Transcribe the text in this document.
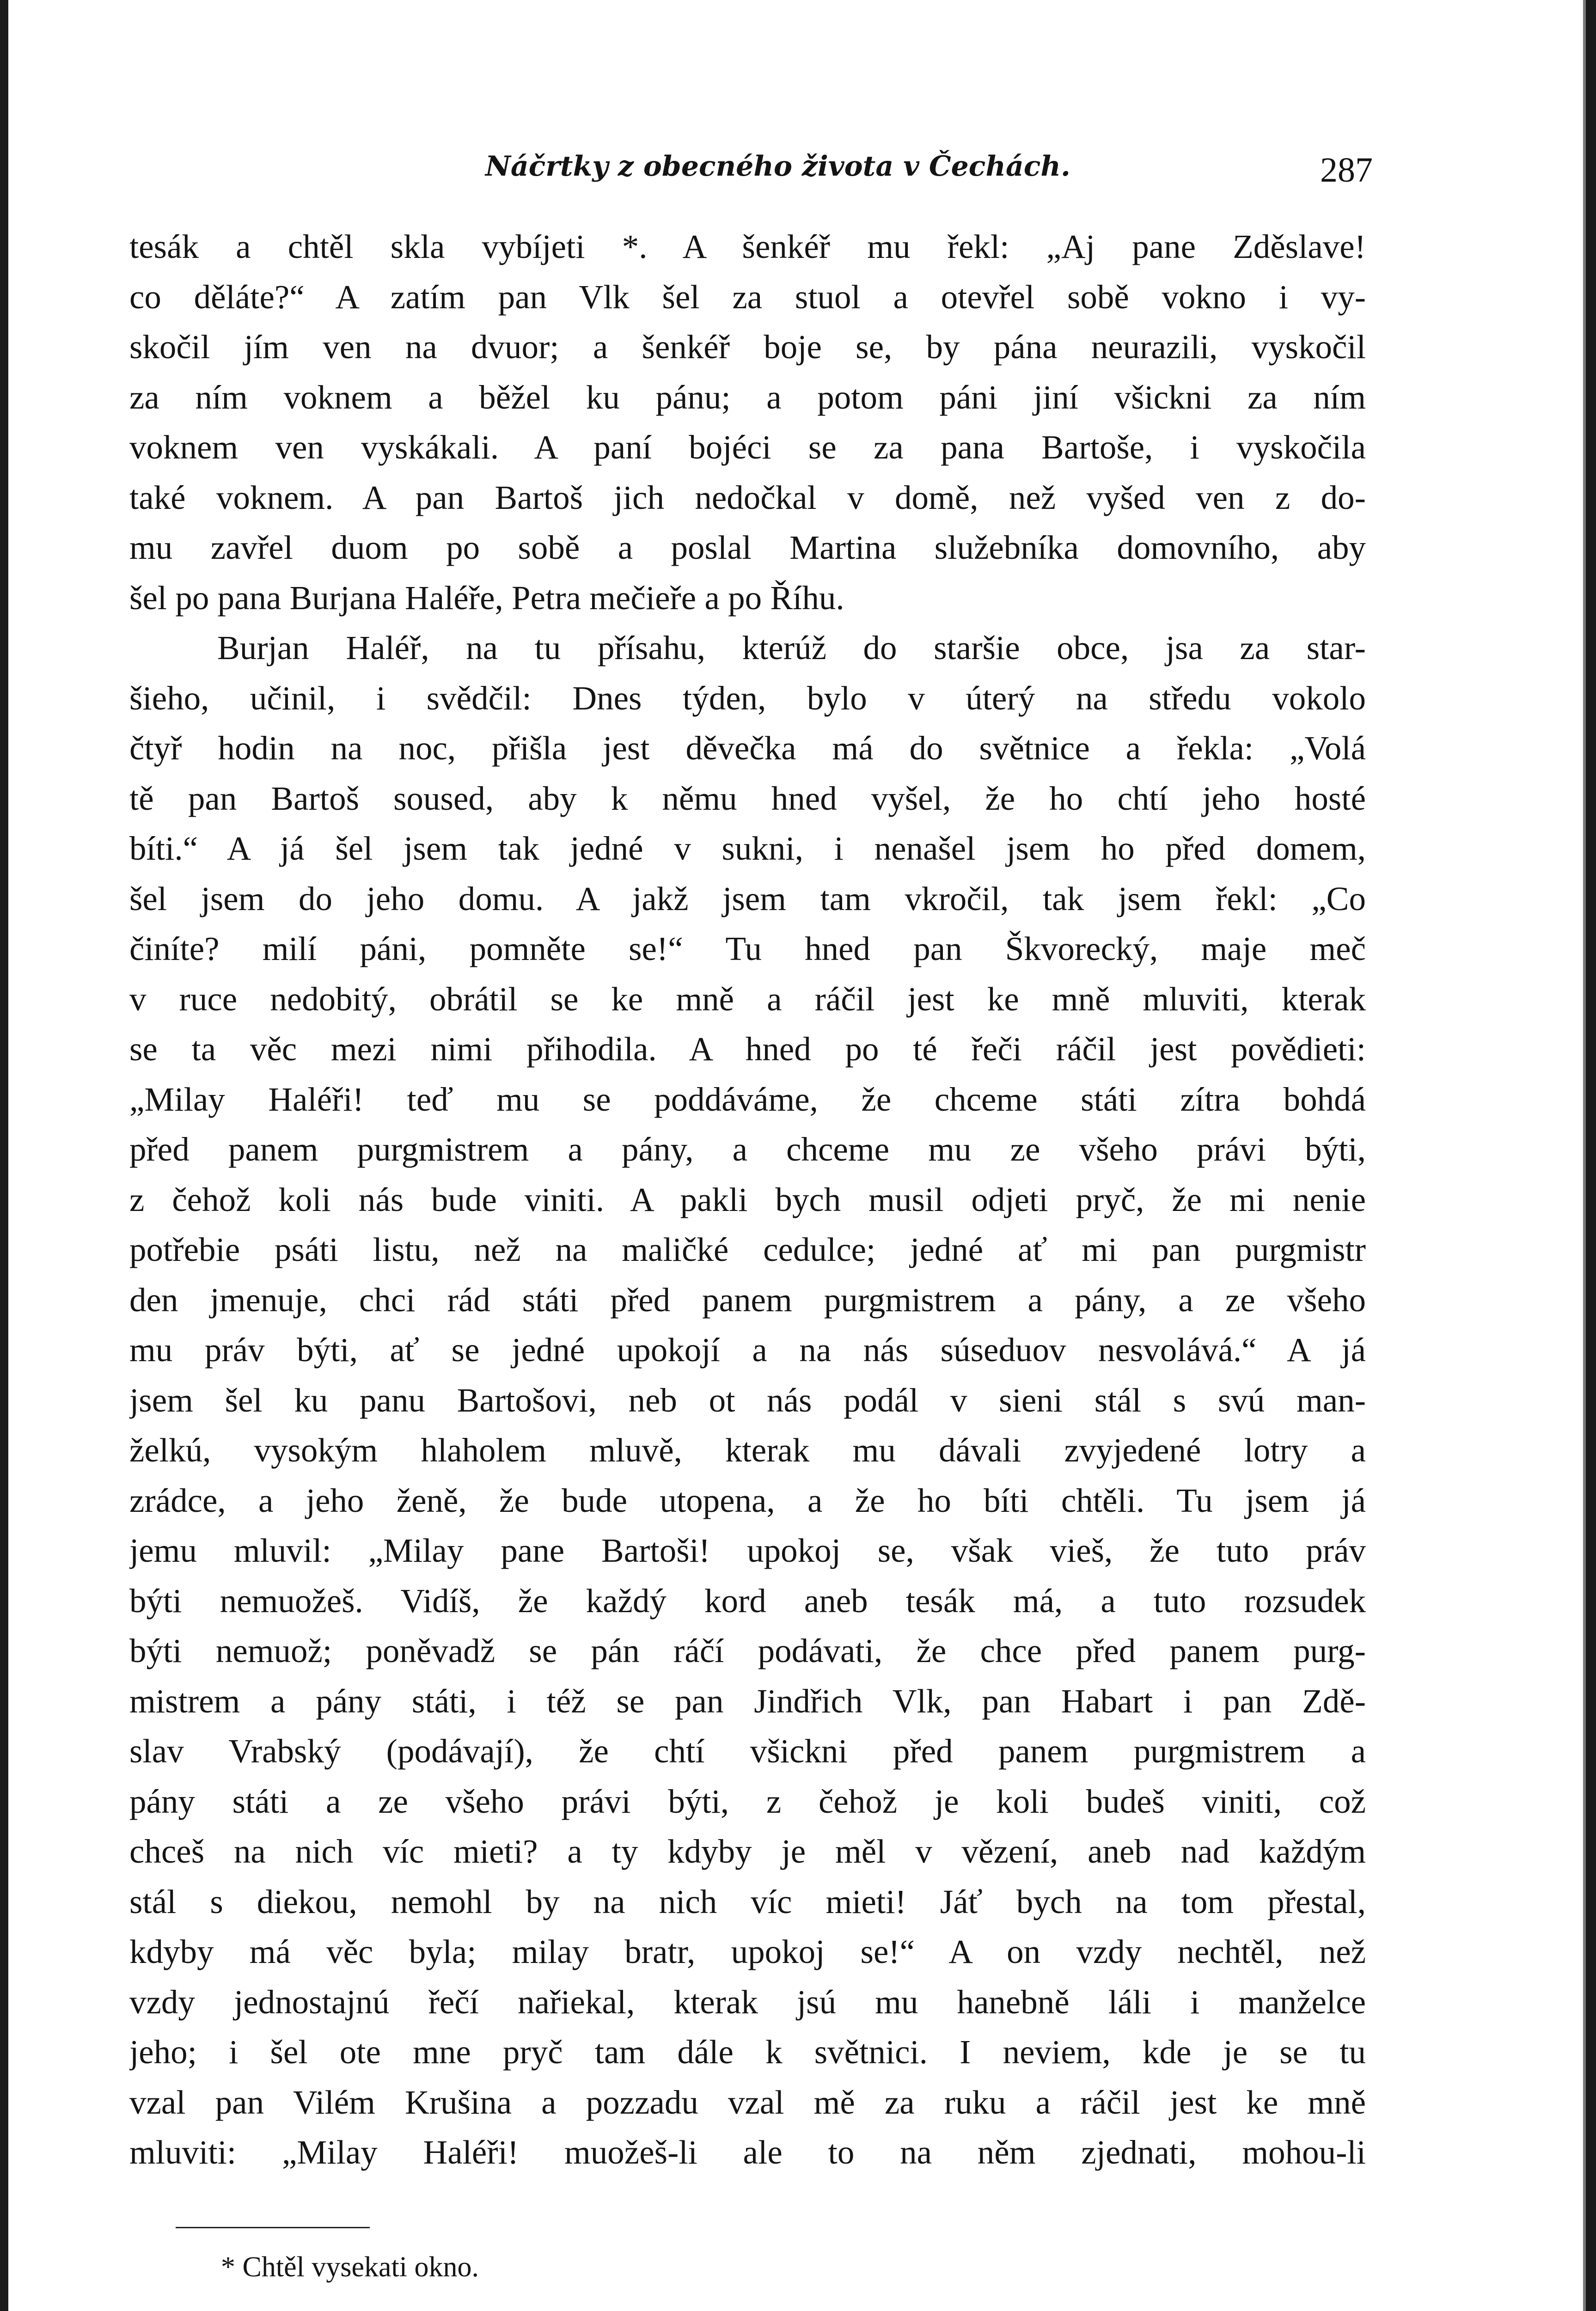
Náčrtky z obecného života v Čechách.	287
tesák a chtěl skla vybíjeti *. A šenkéř mu řekl: „Aj pane Zděslave!
co děláte?“ A zatím pan Vlk šel za stuol a otevřel sobě vokno i vy-
skočil jím ven na dvuor; a šenkéř boje se, by pána neurazili, vyskočil
za ním voknem a běžel ku pánu; a potom páni jiní všickni za ním
voknem ven vyskákali. A paní bojéci se za pana Bartoše, i vyskočila
také voknem. A pan Bartoš jich nedočkal v domě, než vyšed ven z do-
mu zavřel duom po sobě a poslal Martina služebníka domovního, aby
šel po pana Burjana Haléře, Petra mečieře a po Říhu.
Burjan Haléř, na tu přísahu, kterúž do staršie obce, jsa za star-
šieho, učinil, i svědčil: Dnes týden, bylo v úterý na středu vokolo
čtyř hodin na noc, přišla jest děvečka má do světnice a řekla: „Volá
tě pan Bartoš soused, aby k němu hned vyšel, že ho chtí jeho hosté
bíti.“ A já šel jsem tak jedné v sukni, i nenašel jsem ho před domem,
šel jsem do jeho domu. A jakž jsem tam vkročil, tak jsem řekl: „Co
činíte? milí páni, pomněte se!“ Tu hned pan Škvorecký, maje meč
v ruce nedobitý, obrátil se ke mně a ráčil jest ke mně mluviti, kterak
se ta věc mezi nimi přihodila. A hned po té řeči ráčil jest povědieti:
„Milay Haléři! teď mu se poddáváme, že chceme státi zítra bohdá
před panem purgmistrem a pány, a chceme mu ze všeho právi býti,
z čehož koli nás bude viniti. A pakli bych musil odjeti pryč, že mi nenie
potřebie psáti listu, než na maličké cedulce; jedné ať mi pan purgmistr
den jmenuje, chci rád státi před panem purgmistrem a pány, a ze všeho
mu práv býti, ať se jedné upokojí a na nás súseduov nesvolává.“ A já
jsem šel ku panu Bartošovi, neb ot nás podál v sieni stál s svú man-
želkú, vysokým hlaholem mluvě, kterak mu dávali zvyjedené lotry a
zrádce, a jeho ženě, že bude utopena, a že ho bíti chtěli. Tu jsem já
jemu mluvil: „Milay pane Bartoši! upokoj se, však vieš, že tuto práv
býti nemuožeš. Vidíš, že každý kord aneb tesák má, a tuto rozsudek
býti nemuož; poněvadž se pán ráčí podávati, že chce před panem purg-
mistrem a pány státi, i též se pan Jindřich Vlk, pan Habart i pan Zdě-
slav Vrabský (podávají), že chtí všickni před panem purgmistrem a
pány státi a ze všeho právi býti, z čehož je koli budeš viniti, což
chceš na nich víc mieti? a ty kdyby je měl v vězení, aneb nad každým
stál s diekou, nemohl by na nich víc mieti! Jáť bych na tom přestal,
kdyby má věc byla; milay bratr, upokoj se!“ A on vzdy nechtěl, než
vzdy jednostajnú řečí nařiekal, kterak jsú mu hanebně láli i manželce
jeho; i šel ote mne pryč tam dále k světnici. I neviem, kde je se tu
vzal pan Vilém Krušina a pozzadu vzal mě za ruku a ráčil jest ke mně
mluviti: „Milay Haléři! muožeš-li ale to na něm zjednati, mohou-li
* Chtěl vysekati okno.
